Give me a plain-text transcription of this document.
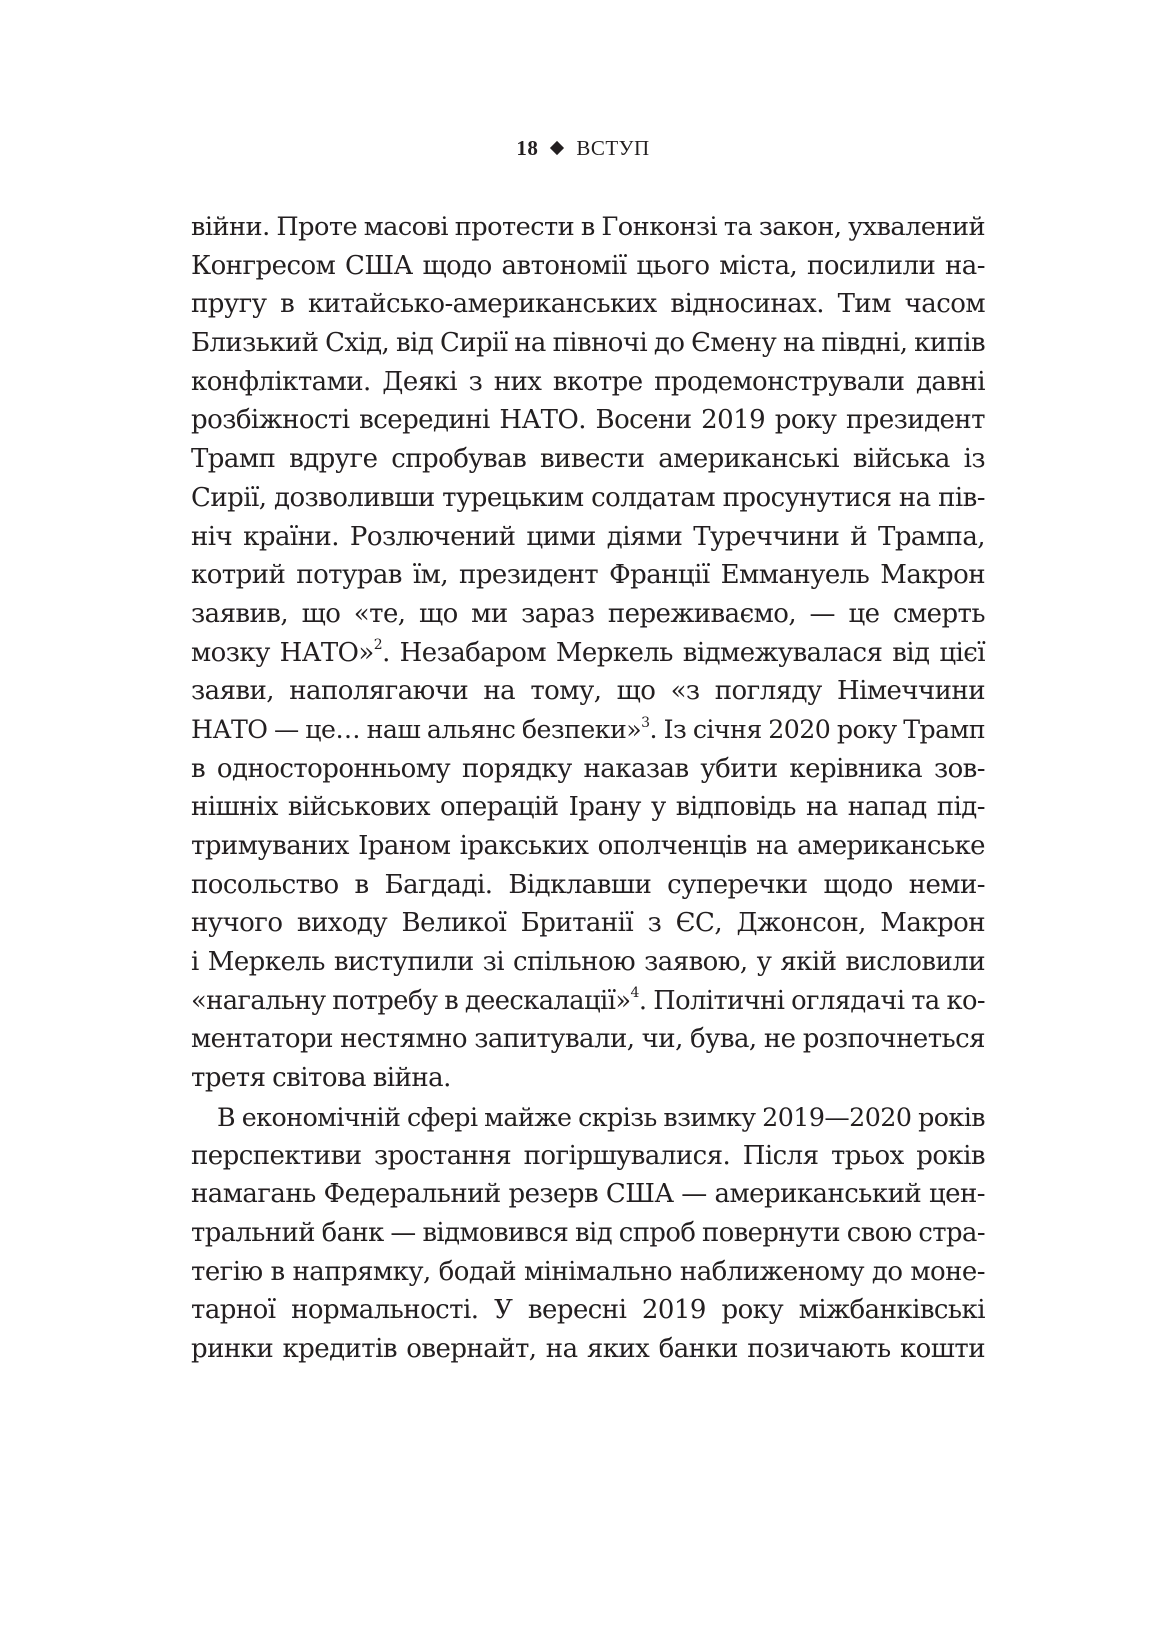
18 ВСТУП
війни. Проте масові протести в Гонконзі та закон, ухвалений
Конгресом США щодо автономії цього міста, посилили на-
пругу в китайсько-американських відносинах. Тим часом
Близький Схід, від Сирії на півночі до Ємену на півдні, кипів
конфліктами. Деякі з них вкотре продемонстрували давні
розбіжності всередині НАТО. Восени 2019 року президент
Трамп вдруге спробував вивести американські війська із
Сирії, дозволивши турецьким солдатам просунутися на пів-
ніч країни. Розлючений цими діями Туреччини й Трампа,
котрий потурав їм, президент Франції Еммануель Макрон
заявив, що «те, що ми зараз переживаємо, — це смерть
мозку НАТО»$^2$. Незабаром Меркель відмежувалася від цієї
заяви, наполягаючи на тому, що «з погляду Німеччини
НАТО — це… наш альянс безпеки»$^3$. Із січня 2020 року Трамп
в односторонньому порядку наказав убити керівника зов-
нішніх військових операцій Ірану у відповідь на напад під-
тримуваних Іраном іракських ополченців на американське
посольство в Багдаді. Відклавши суперечки щодо неми-
нучого виходу Великої Британії з ЄС, Джонсон, Макрон
і Меркель виступили зі спільною заявою, у якій висловили
«нагальну потребу в деескалації»$^4$. Політичні оглядачі та ко-
ментатори нестямно запитували, чи, бува, не розпочнеться
третя світова війна.
В економічній сфері майже скрізь взимку 2019—2020 років
перспективи зростання погіршувалися. Після трьох років
намагань Федеральний резерв США — американський цен-
тральний банк — відмовився від спроб повернути свою стра-
тегію в напрямку, бодай мінімально наближеному до моне-
тарної нормальності. У вересні 2019 року міжбанківські
ринки кредитів овернайт, на яких банки позичають кошти
